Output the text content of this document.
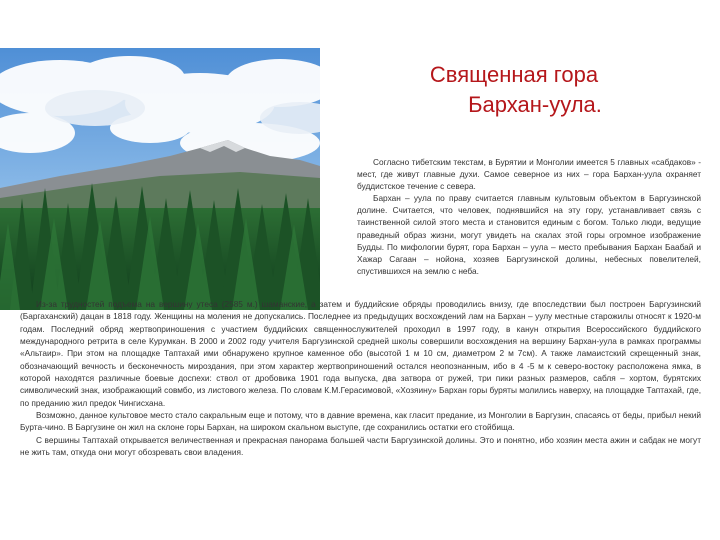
Священная гора
Бархан-уула.

Согласно тибетским текстам, в Бурятии и Монголии имеется 5 главных «сабдаков» - мест, где живут главные духи. Самое северное из них – гора Бархан-уула охраняет буддистское течение с севера.

Бархан – уула по праву считается главным культовым объектом в Баргузинской долине. Считается, что человек, поднявшийся на эту гору, устанавливает связь с таинственной силой этого места и становится единым с богом. Только люди, ведущие праведный образ жизни, могут увидеть на скалах этой горы огромное изображение Будды. По мифологии бурят, гора Бархан – уула – место пребывания Бархан Баабай и Хажар Сагаан – нойона, хозяев Баргузинской долины, небесных повелителей, спустившихся на землю с неба.

Из-за трудностей подъема на вершину утеса (2585 м.) шаманские, а затем и буддийские обряды проводились внизу, где впоследствии был построен Баргузинский (Баргаханский) дацан в 1818 году. Женщины на моления не допускались. Последнее из предыдущих восхождений лам на Бархан – уулу местные старожилы относят к 1920-м годам. Последний обряд жертвоприношения с участием буддийских священнослужителей проходил в 1997 году, в канун открытия Всероссийского буддийского международного ретрита в селе Курумкан. В 2000 и 2002 году учителя Баргузинской средней школы совершили восхождения на вершину Бархан-уула в рамках программы «Альтаир». При этом на площадке Таптахай ими обнаружено крупное каменное обо (высотой 1 м 10 см, диаметром 2 м 7см). А также ламаистский скрещенный знак, обозначающий вечность и бесконечность мироздания, при этом характер жертвоприношений остался неопознанным, ибо в 4 -5 м к северо-востоку расположена ямка, в которой находятся различные боевые доспехи: ствол от дробовика 1901 года выпуска, два затвора от ружей, три пики разных размеров, сабля – хортом, бурятских символический знак, изображающий совмбо, из листового железа. По словам К.М.Герасимовой, «Хозяину» Бархан горы буряты молились наверху, на площадке Таптахай, где, по преданию жил предок Чингисхана.

Возможно, данное культовое место стало сакральным еще и потому, что в давние времена, как гласит предание, из Монголии в Баргузин, спасаясь от беды, прибыл некий Бурта-чино. В Баргузине он жил на склоне горы Бархан, на широком скальном выступе, где сохранились остатки его стойбища.

С вершины Таптахай открывается величественная и прекрасная панорама большей части Баргузинской долины. Это и понятно, ибо хозяин места ажин и сабдак не могут не жить там, откуда они могут обозревать свои владения.
